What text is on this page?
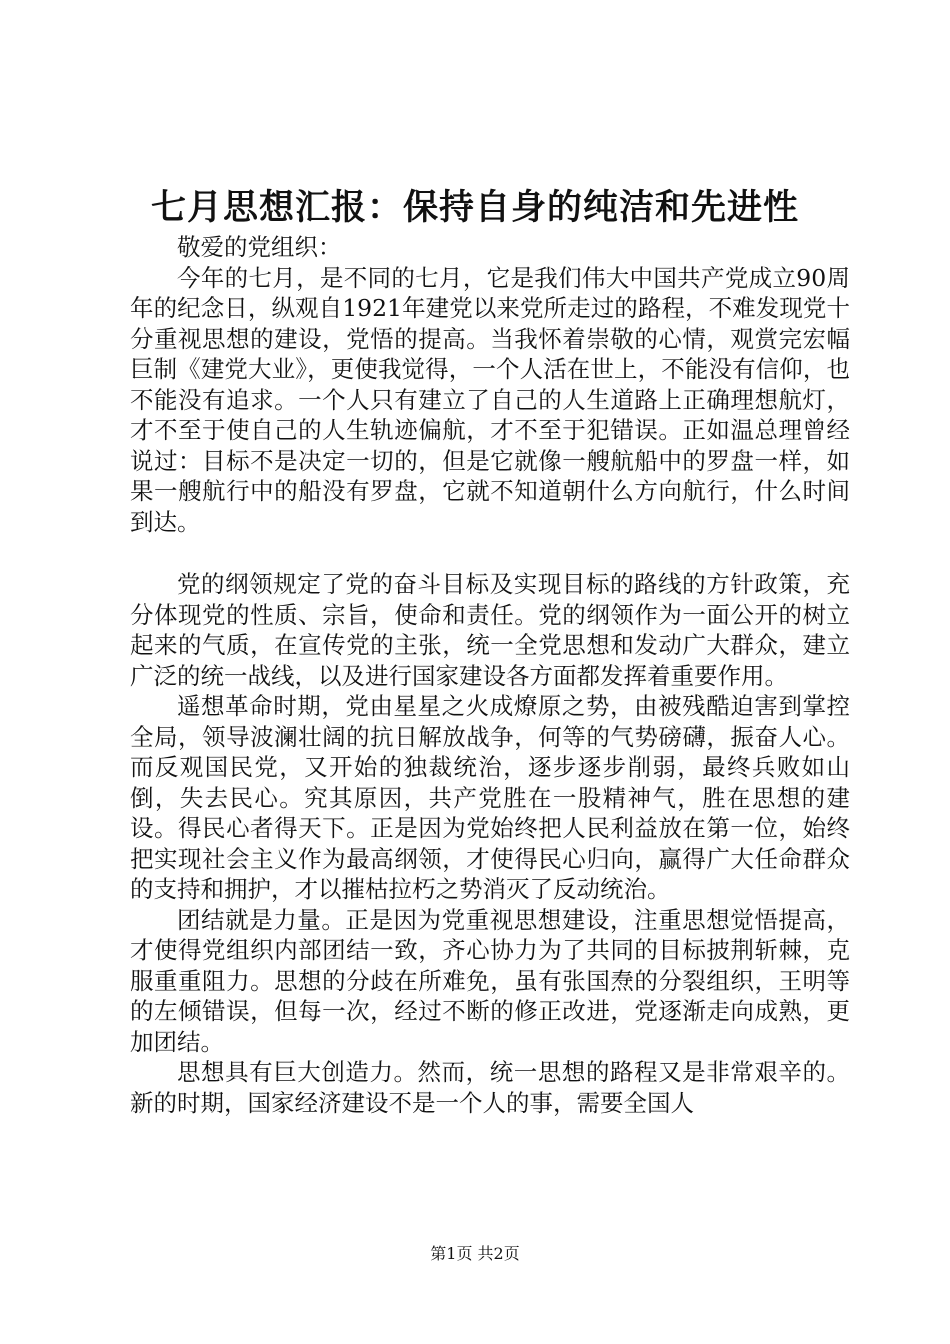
七月思想汇报：保持自身的纯洁和先进性

敬爱的党组织：

今年的七月，是不同的七月，它是我们伟大中国共产党成立90周年的纪念日，纵观自1921年建党以来党所走过的路程，不难发现党十分重视思想的建设，党悟的提高。当我怀着崇敬的心情，观赏完宏幅巨制《建党大业》，更使我觉得，一个人活在世上，不能没有信仰，也不能没有追求。一个人只有建立了自己的人生道路上正确理想航灯，才不至于使自己的人生轨迹偏航，才不至于犯错误。正如温总理曾经说过：目标不是决定一切的，但是它就像一艘航船中的罗盘一样，如果一艘航行中的船没有罗盘，它就不知道朝什么方向航行，什么时间到达。

党的纲领规定了党的奋斗目标及实现目标的路线的方针政策，充分体现党的性质、宗旨，使命和责任。党的纲领作为一面公开的树立起来的气质，在宣传党的主张，统一全党思想和发动广大群众，建立广泛的统一战线，以及进行国家建设各方面都发挥着重要作用。

遥想革命时期，党由星星之火成燎原之势，由被残酷迫害到掌控全局，领导波澜壮阔的抗日解放战争，何等的气势磅礴，振奋人心。而反观国民党，又开始的独裁统治，逐步逐步削弱，最终兵败如山倒，失去民心。究其原因，共产党胜在一股精神气，胜在思想的建设。得民心者得天下。正是因为党始终把人民利益放在第一位，始终把实现社会主义作为最高纲领，才使得民心归向，赢得广大任命群众的支持和拥护，才以摧枯拉朽之势消灭了反动统治。

团结就是力量。正是因为党重视思想建设，注重思想觉悟提高，才使得党组织内部团结一致，齐心协力为了共同的目标披荆斩棘，克服重重阻力。思想的分歧在所难免，虽有张国焘的分裂组织，王明等的左倾错误，但每一次，经过不断的修正改进，党逐渐走向成熟，更加团结。

思想具有巨大创造力。然而，统一思想的路程又是非常艰辛的。新的时期，国家经济建设不是一个人的事，需要全国人

第1页 共2页
